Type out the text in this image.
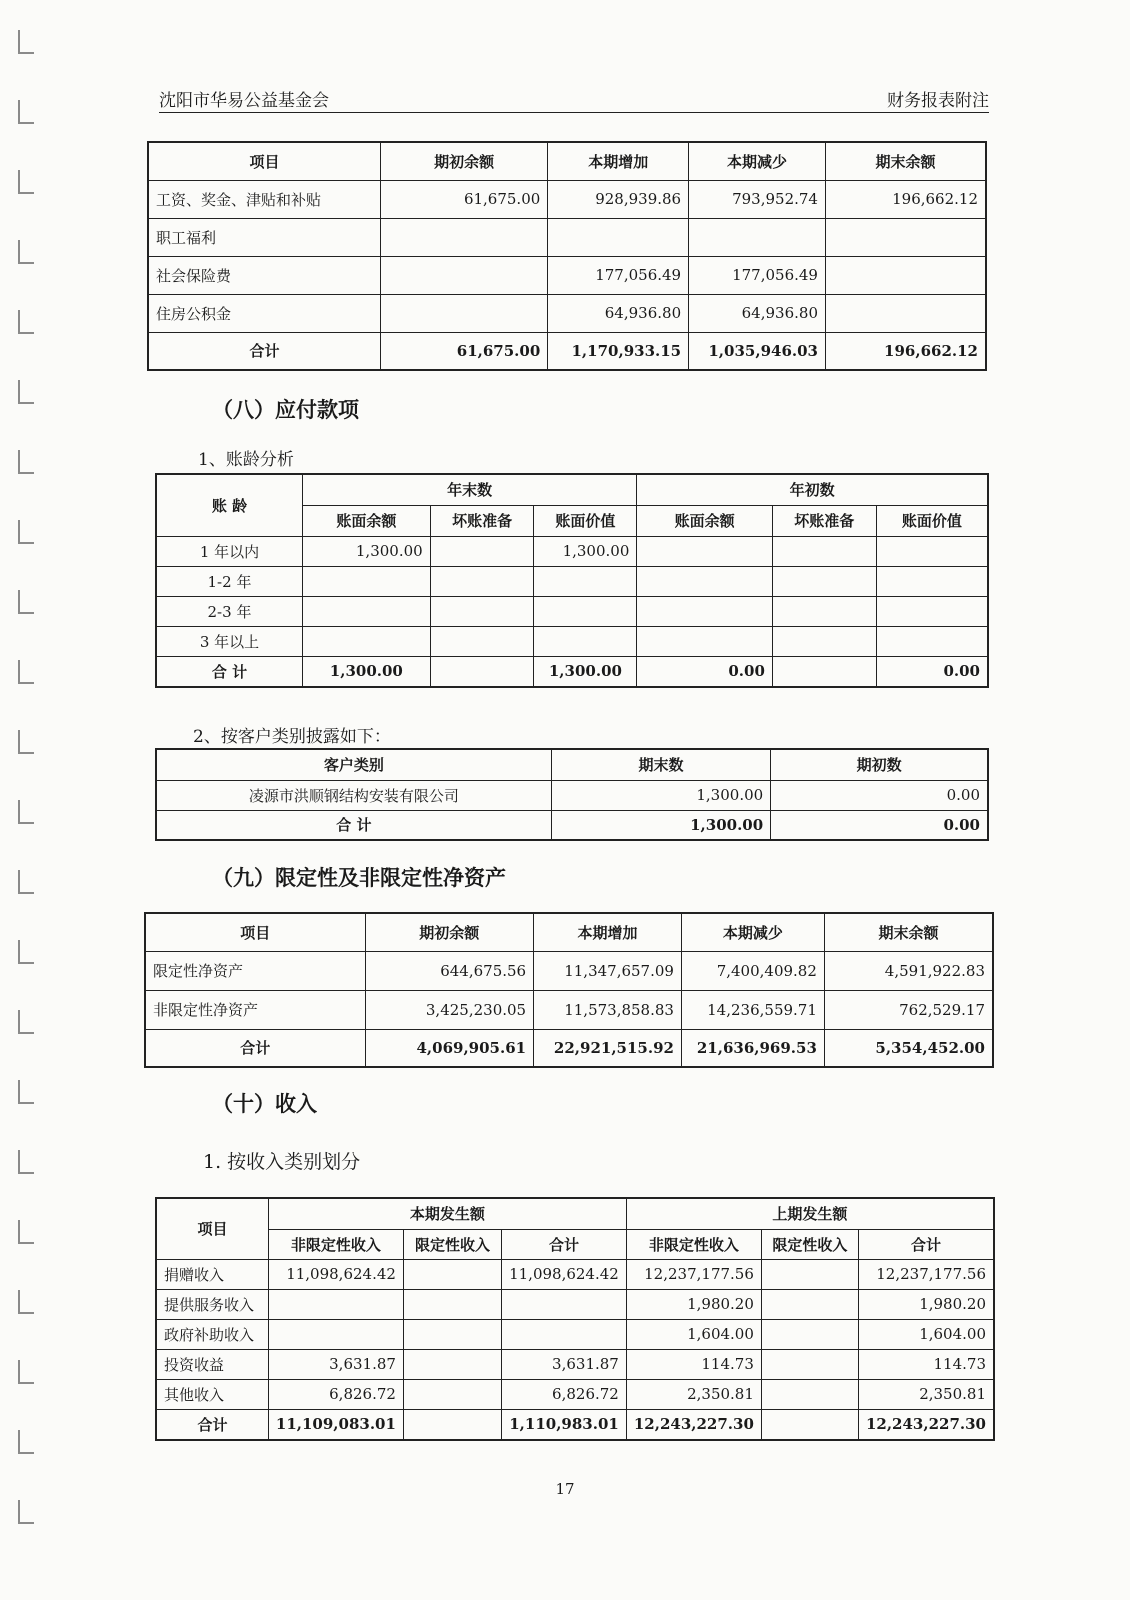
沈阳市华易公益基金会	财务报表附注
项目	期初余额	本期增加	本期减少	期末余额
工资、奖金、津贴和补贴	61,675.00	928,939.86	793,952.74	196,662.12
职工福利				
社会保险费		177,056.49	177,056.49	
住房公积金		64,936.80	64,936.80	
合计	61,675.00	1,170,933.15	1,035,946.03	196,662.12
（八）应付款项
1、账龄分析
账 龄	年末数			年初数		
	账面余额	坏账准备	账面价值	账面余额	坏账准备	账面价值
1 年以内	1,300.00		1,300.00			
1-2 年						
2-3 年						
3 年以上						
合 计	1,300.00		1,300.00	0.00		0.00
2、按客户类别披露如下：
客户类别	期末数	期初数
凌源市洪顺钢结构安装有限公司	1,300.00	0.00
合 计	1,300.00	0.00
（九）限定性及非限定性净资产
项目	期初余额	本期增加	本期减少	期末余额
限定性净资产	644,675.56	11,347,657.09	7,400,409.82	4,591,922.83
非限定性净资产	3,425,230.05	11,573,858.83	14,236,559.71	762,529.17
合计	4,069,905.61	22,921,515.92	21,636,969.53	5,354,452.00
（十）收入
1. 按收入类别划分
项目	本期发生额			上期发生额		
	非限定性收入	限定性收入	合计	非限定性收入	限定性收入	合计
捐赠收入	11,098,624.42		11,098,624.42	12,237,177.56		12,237,177.56
提供服务收入				1,980.20		1,980.20
政府补助收入				1,604.00		1,604.00
投资收益	3,631.87		3,631.87	114.73		114.73
其他收入	6,826.72		6,826.72	2,350.81		2,350.81
合计	11,109,083.01		1,110,983.01	12,243,227.30		12,243,227.30
17
